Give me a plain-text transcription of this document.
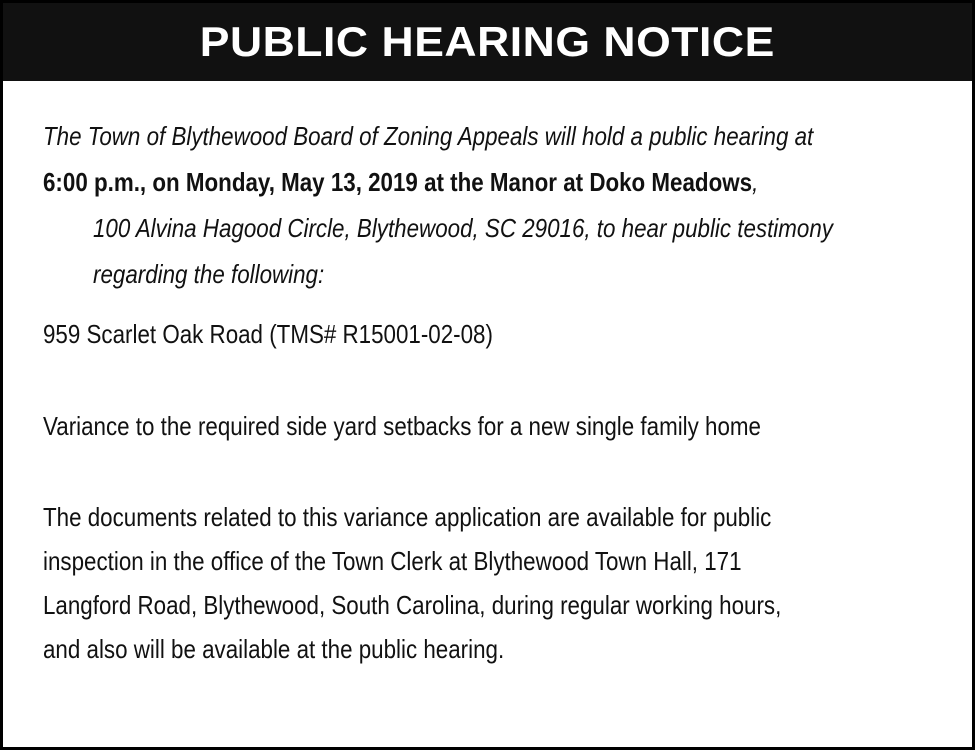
PUBLIC HEARING NOTICE
The Town of Blythewood Board of Zoning Appeals will hold a public hearing at
6:00 p.m., on Monday, May 13, 2019 at the Manor at Doko Meadows,
100 Alvina Hagood Circle, Blythewood, SC 29016, to hear public testimony
regarding the following:

959 Scarlet Oak Road (TMS# R15001-02-08)

Variance to the required side yard setbacks for a new single family home

The documents related to this variance application are available for public
inspection in the office of the Town Clerk at Blythewood Town Hall, 171
Langford Road, Blythewood, South Carolina, during regular working hours,
and also will be available at the public hearing.
